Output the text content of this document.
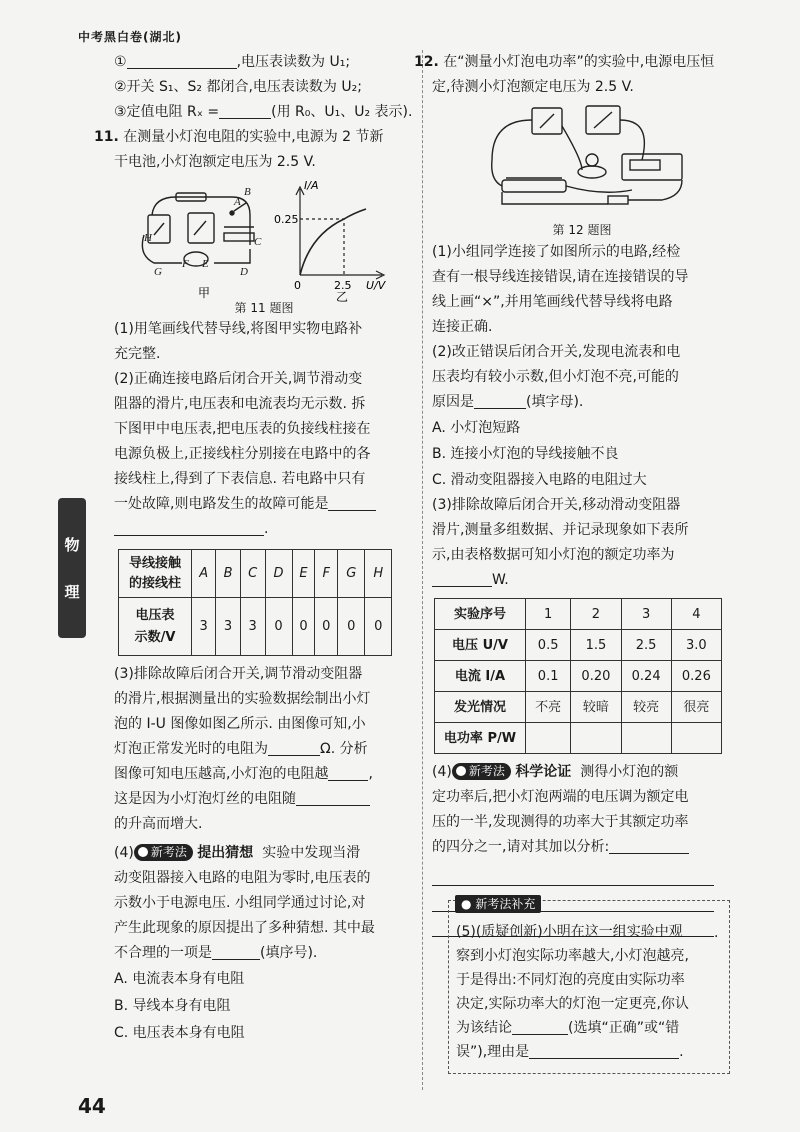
中考黑白卷(湖北)
物
理
①	,电压表读数为 U₁;
②开关 S₁、S₂ 都闭合,电压表读数为 U₂;
③定值电阻 Rₓ =	(用 R₀、U₁、U₂ 表示).
11. 在测量小灯泡电阻的实验中,电源为 2 节新
干电池,小灯泡额定电压为 2.5 V.
A
B
C
D
E
F
G
H
甲
I/A
0.25
0	2.5 U/V
乙
第 11 题图
(1)用笔画线代替导线,将图甲实物电路补
充完整.
(2)正确连接电路后闭合开关,调节滑动变
阻器的滑片,电压表和电流表均无示数. 拆
下图甲中电压表,把电压表的负接线柱接在
电源负极上,正接线柱分别接在电路中的各
接线柱上,得到了下表信息. 若电路中只有
一处故障,则电路发生的故障可能是
.
导线接触
的接线柱	A	B	C	D	E	F	G	H

电压表
示数/V	3	3	3	0	0	0	0	0
(3)排除故障后闭合开关,调节滑动变阻器
的滑片,根据测量出的实验数据绘制出小灯
泡的 I-U 图像如图乙所示. 由图像可知,小
灯泡正常发光时的电阻为	Ω. 分析
图像可知电压越高,小灯泡的电阻越	,
这是因为小灯泡灯丝的电阻随
的升高而增大.
(4) 新考法 提出猜想 实验中发现当滑
动变阻器接入电路的电阻为零时,电压表的
示数小于电源电压. 小组同学通过讨论,对
产生此现象的原因提出了多种猜想. 其中最
不合理的一项是	(填序号).
A. 电流表本身有电阻
B. 导线本身有电阻
C. 电压表本身有电阻
12. 在“测量小灯泡电功率”的实验中,电源电压恒
定,待测小灯泡额定电压为 2.5 V.
第 12 题图
(1)小组同学连接了如图所示的电路,经检
查有一根导线连接错误,请在连接错误的导
线上画“×”,并用笔画线代替导线将电路
连接正确.
(2)改正错误后闭合开关,发现电流表和电
压表均有较小示数,但小灯泡不亮,可能的
原因是	(填字母).
A. 小灯泡短路
B. 连接小灯泡的导线接触不良
C. 滑动变阻器接入电路的电阻过大
(3)排除故障后闭合开关,移动滑动变阻器
滑片,测量多组数据、并记录现象如下表所
示,由表格数据可知小灯泡的额定功率为
W.
实验序号	1	2	3	4
电压 U/V	0.5	1.5	2.5	3.0
电流 I/A	0.1	0.20	0.24	0.26
发光情况	不亮	较暗	较亮	很亮
电功率 P/W				
(4) 新考法 科学论证 测得小灯泡的额
定功率后,把小灯泡两端的电压调为额定电
压的一半,发现测得的功率大于其额定功率
的四分之一,请对其加以分析:
.
● 新考法补充
(5)(质疑创新)小明在这一组实验中观
察到小灯泡实际功率越大,小灯泡越亮,
于是得出:不同灯泡的亮度由实际功率
决定,实际功率大的灯泡一定更亮,你认
为该结论	(选填“正确”或“错
误”),理由是	.
44
